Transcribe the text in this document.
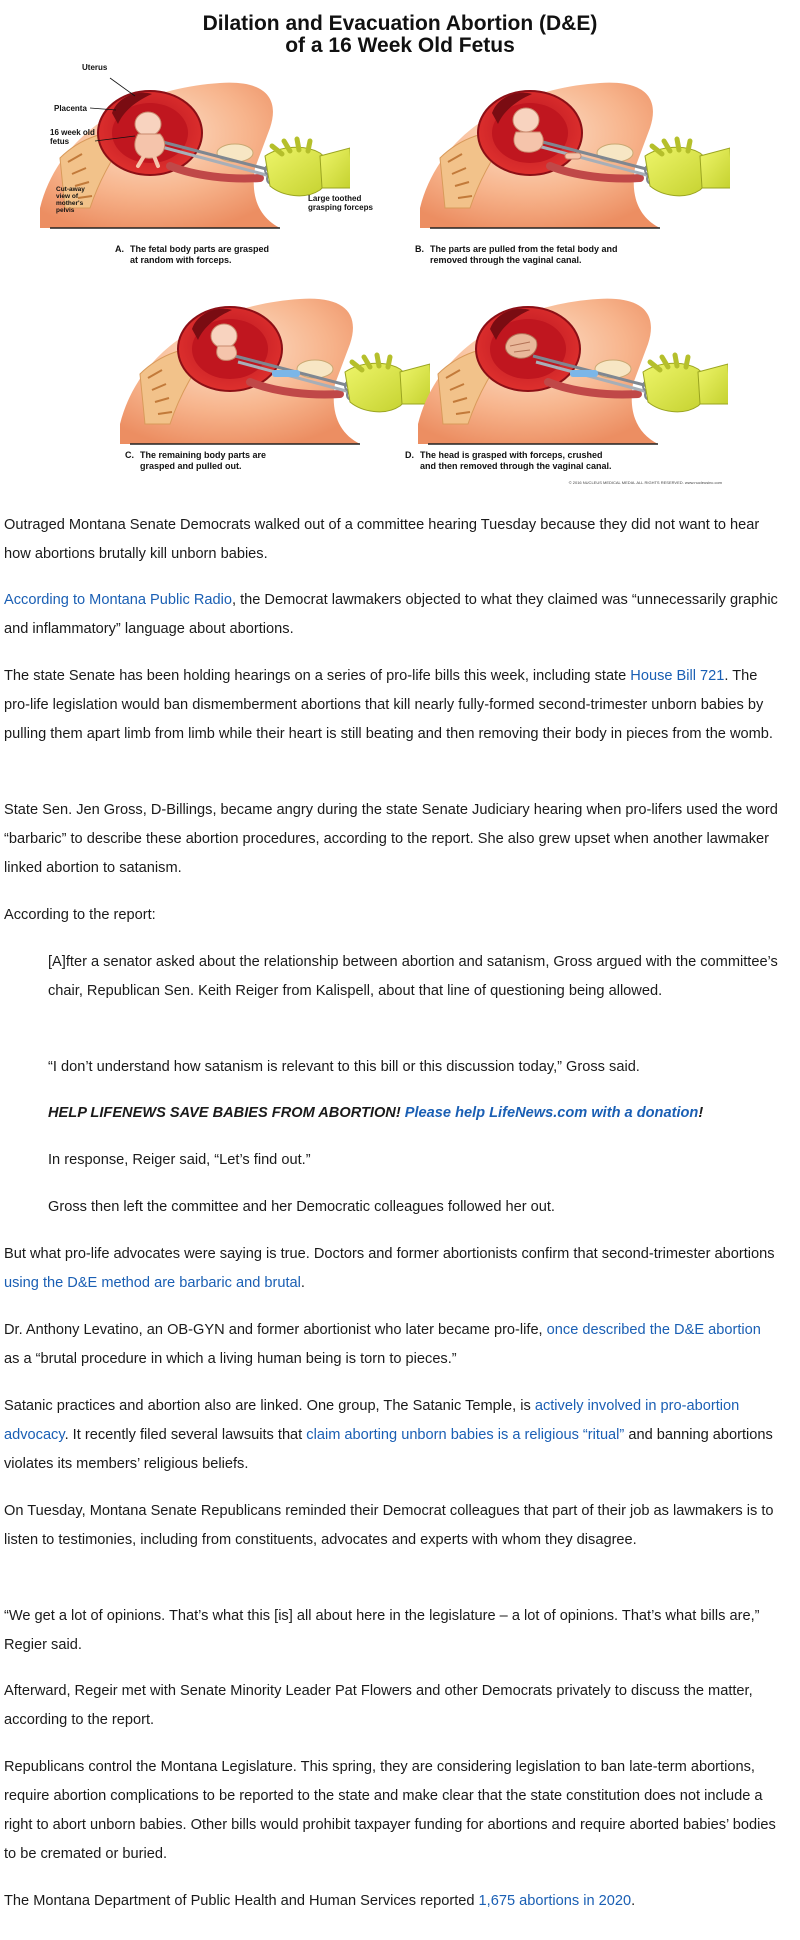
Dilation and Evacuation Abortion (D&E)
of a 16 Week Old Fetus
Uterus
Placenta
16 week old fetus
Cut-away view of mother's pelvis
Large toothed grasping forceps
A. The fetal body parts are grasped at random with forceps.
B. The parts are pulled from the fetal body and removed through the vaginal canal.
C. The remaining body parts are grasped and pulled out.
D. The head is grasped with forceps, crushed and then removed through the vaginal canal.
© 2016 NUCLEUS MEDICAL MEDIA. ALL RIGHTS RESERVED. www.nucleusinc.com

Outraged Montana Senate Democrats walked out of a committee hearing Tuesday because they did not want to hear how abortions brutally kill unborn babies.

According to Montana Public Radio, the Democrat lawmakers objected to what they claimed was “unnecessarily graphic and inflammatory” language about abortions.

The state Senate has been holding hearings on a series of pro-life bills this week, including state House Bill 721. The pro-life legislation would ban dismemberment abortions that kill nearly fully-formed second-trimester unborn babies by pulling them apart limb from limb while their heart is still beating and then removing their body in pieces from the womb.

State Sen. Jen Gross, D-Billings, became angry during the state Senate Judiciary hearing when pro-lifers used the word “barbaric” to describe these abortion procedures, according to the report. She also grew upset when another lawmaker linked abortion to satanism.

According to the report:

[A]fter a senator asked about the relationship between abortion and satanism, Gross argued with the committee’s chair, Republican Sen. Keith Reiger from Kalispell, about that line of questioning being allowed.

“I don’t understand how satanism is relevant to this bill or this discussion today,” Gross said.

HELP LIFENEWS SAVE BABIES FROM ABORTION! Please help LifeNews.com with a donation!

In response, Reiger said, “Let’s find out.”

Gross then left the committee and her Democratic colleagues followed her out.

But what pro-life advocates were saying is true. Doctors and former abortionists confirm that second-trimester abortions using the D&E method are barbaric and brutal.

Dr. Anthony Levatino, an OB-GYN and former abortionist who later became pro-life, once described the D&E abortion as a “brutal procedure in which a living human being is torn to pieces.”

Satanic practices and abortion also are linked. One group, The Satanic Temple, is actively involved in pro-abortion advocacy. It recently filed several lawsuits that claim aborting unborn babies is a religious “ritual” and banning abortions violates its members’ religious beliefs.

On Tuesday, Montana Senate Republicans reminded their Democrat colleagues that part of their job as lawmakers is to listen to testimonies, including from constituents, advocates and experts with whom they disagree.

“We get a lot of opinions. That’s what this [is] all about here in the legislature – a lot of opinions. That’s what bills are,” Regier said.

Afterward, Regeir met with Senate Minority Leader Pat Flowers and other Democrats privately to discuss the matter, according to the report.

Republicans control the Montana Legislature. This spring, they are considering legislation to ban late-term abortions, require abortion complications to be reported to the state and make clear that the state constitution does not include a right to abort unborn babies. Other bills would prohibit taxpayer funding for abortions and require aborted babies’ bodies to be cremated or buried.

The Montana Department of Public Health and Human Services reported 1,675 abortions in 2020.
